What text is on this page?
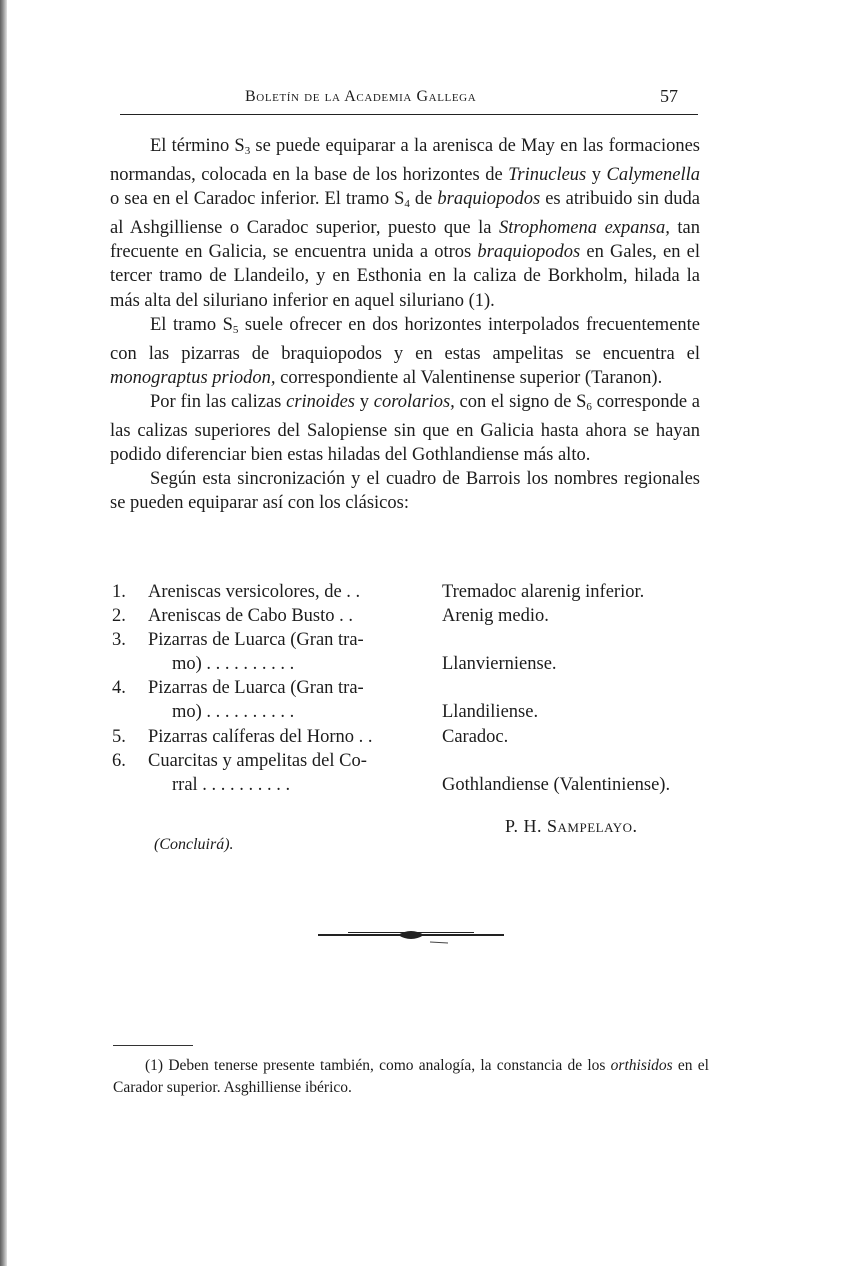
Boletín de la Academia Gallega	57

El término $S_3$ se puede equiparar a la arenisca de May en las formaciones normandas, colocada en la base de los horizontes de Trinucleus y Calymenella o sea en el Caradoc inferior. El tramo $S_4$ de braquiopodos es atribuido sin duda al Ashgilliense o Caradoc superior, puesto que la Strophomena expansa, tan frecuente en Galicia, se encuentra unida a otros braquiopodos en Gales, en el tercer tramo de Llandeilo, y en Esthonia en la caliza de Borkholm, hilada la más alta del siluriano inferior en aquel siluriano (1).

El tramo $S_5$ suele ofrecer en dos horizontes interpolados frecuentemente con las pizarras de braquiopodos y en estas ampelitas se encuentra el monograptus priodon, correspondiente al Valentinense superior (Taranon).

Por fin las calizas crinoides y corolarios, con el signo de $S_6$ corresponde a las calizas superiores del Salopiense sin que en Galicia hasta ahora se hayan podido diferenciar bien estas hiladas del Gothlandiense más alto.

Según esta sincronización y el cuadro de Barrois los nombres regionales se pueden equiparar así con los clásicos:

1. Areniscas versicolores, de . .	Tremadoc alarenig inferior.
2. Areniscas de Cabo Busto . .	Arenig medio.
3. Pizarras de Luarca (Gran tra-
mo) . . . . . . . . . .	Llanvierniense.
4. Pizarras de Luarca (Gran tra-
mo) . . . . . . . . . .	Llandiliense.
5. Pizarras calíferas del Horno . .	Caradoc.
6. Cuarcitas y ampelitas del Co-
rral . . . . . . . . . .	Gothlandiense (Valentiniense).
P. H. Sampelayo.
(Concluirá).

(1) Deben tenerse presente también, como analogía, la constancia de los orthisidos en el Carador superior. Asghilliense ibérico.
